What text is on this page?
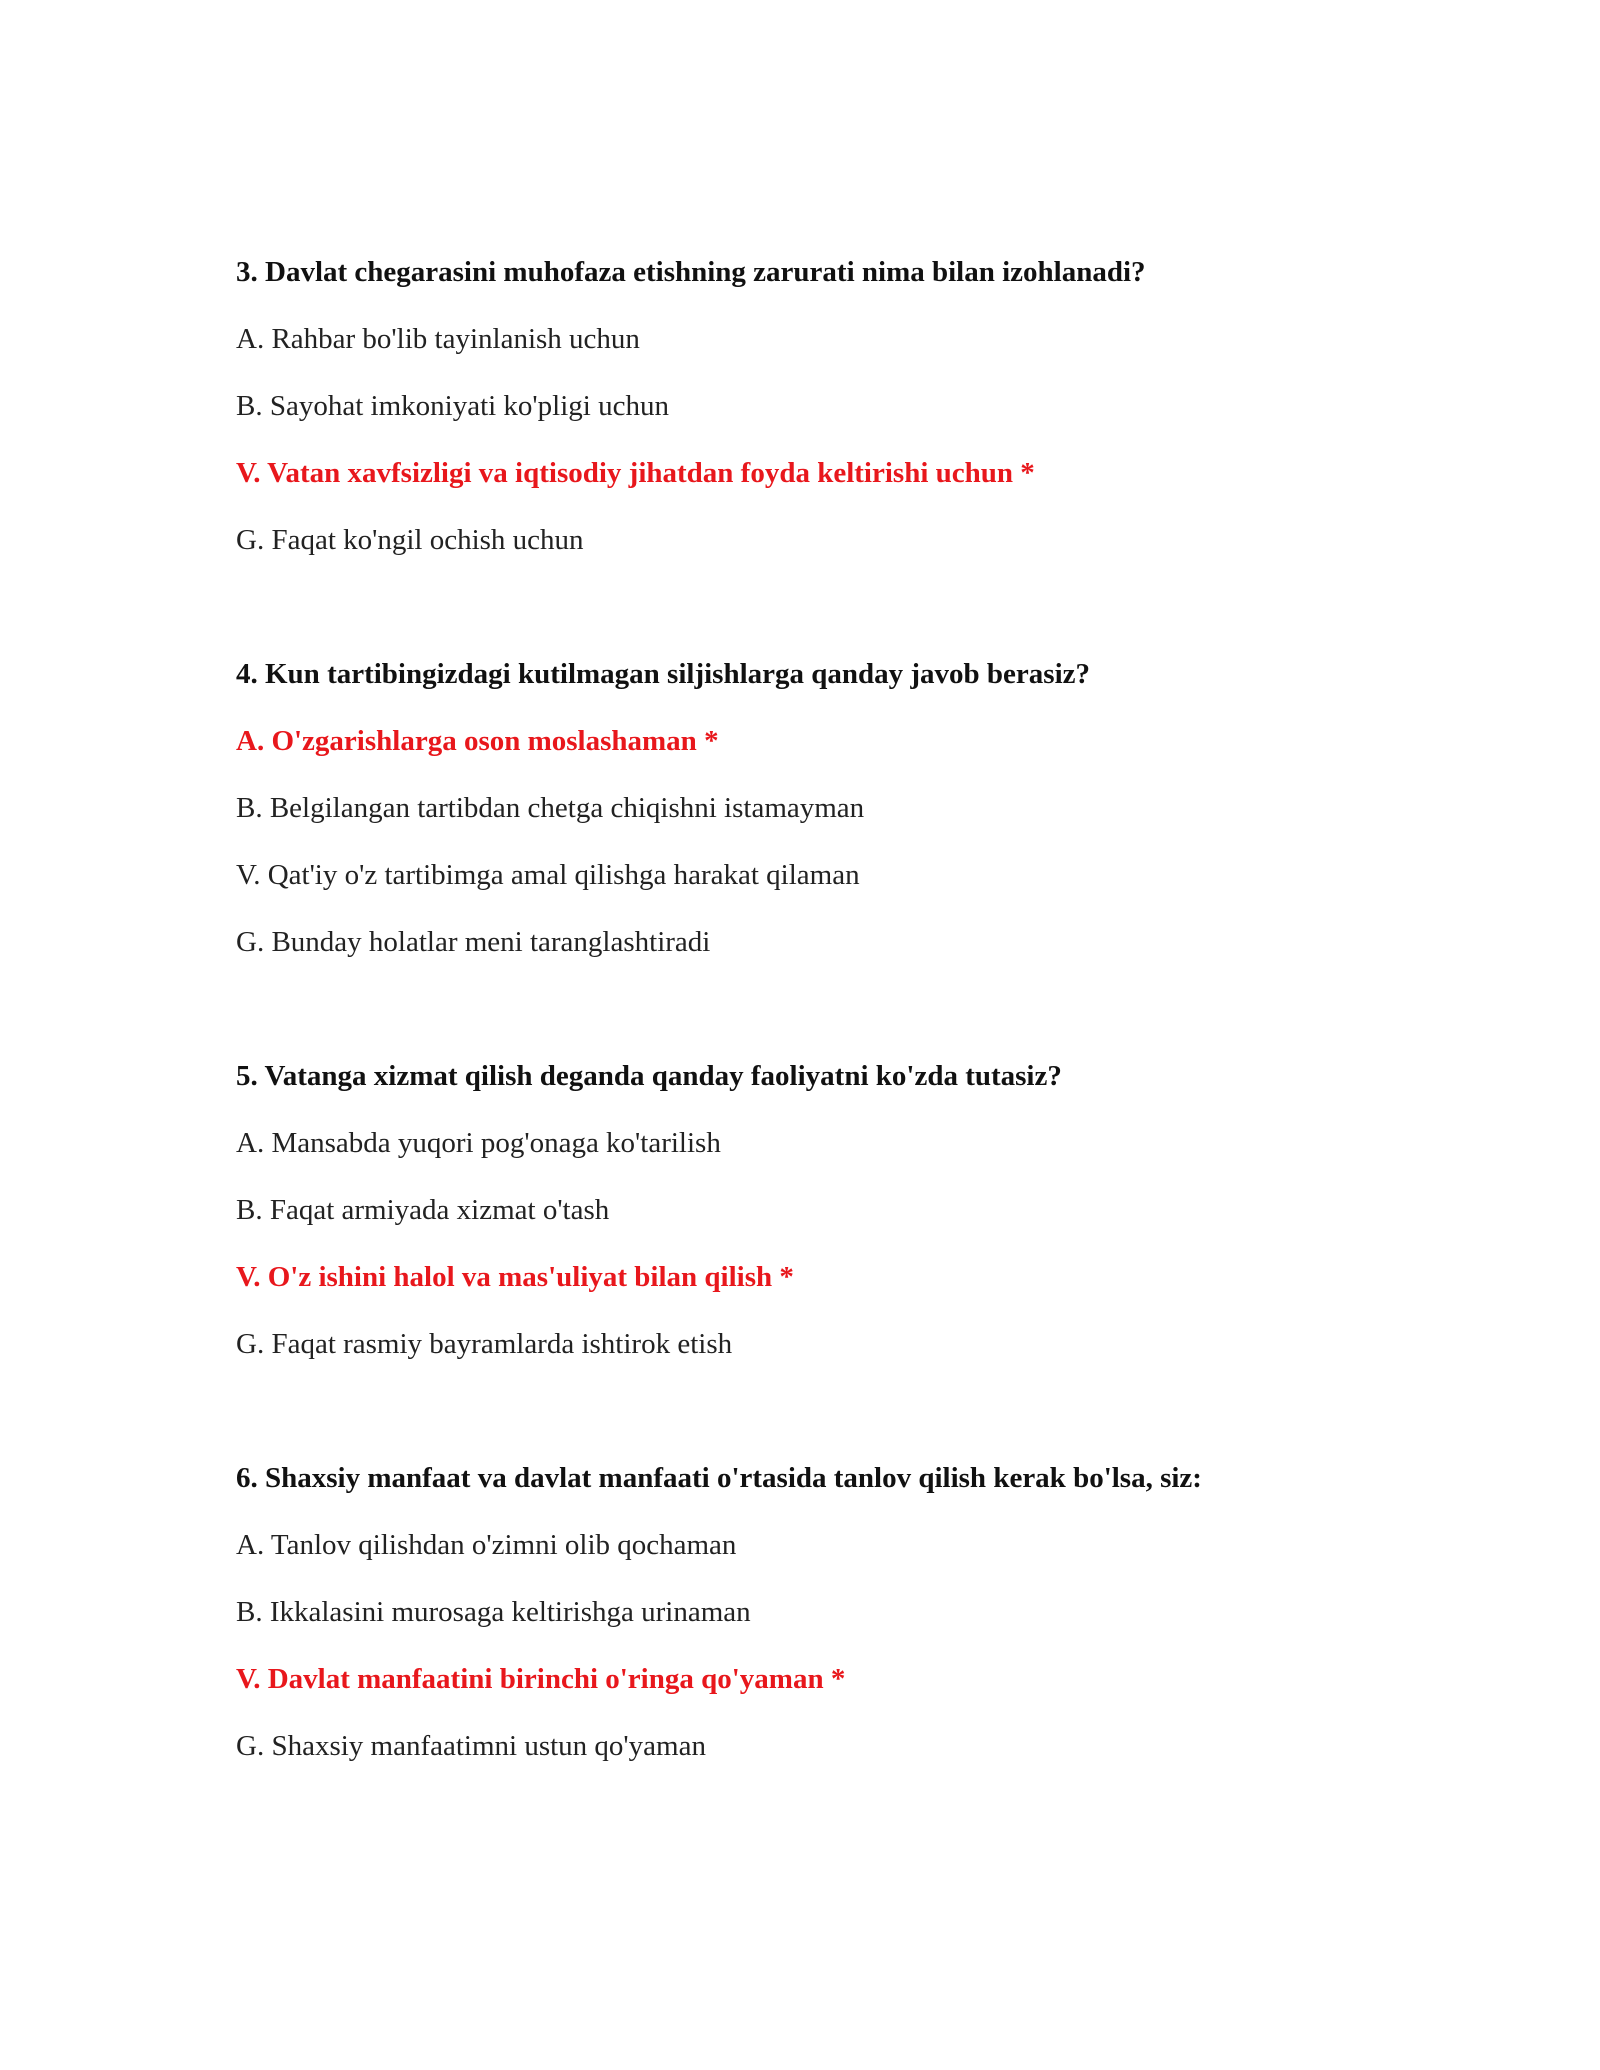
3. Davlat chegarasini muhofaza etishning zarurati nima bilan izohlanadi?
A. Rahbar bo'lib tayinlanish uchun
B. Sayohat imkoniyati ko'pligi uchun
V. Vatan xavfsizligi va iqtisodiy jihatdan foyda keltirishi uchun *
G. Faqat ko'ngil ochish uchun
4. Kun tartibingizdagi kutilmagan siljishlarga qanday javob berasiz?
A. O'zgarishlarga oson moslashaman *
B. Belgilangan tartibdan chetga chiqishni istamayman
V. Qat'iy o'z tartibimga amal qilishga harakat qilaman
G. Bunday holatlar meni taranglashtiradi
5. Vatanga xizmat qilish deganda qanday faoliyatni ko'zda tutasiz?
A. Mansabda yuqori pog'onaga ko'tarilish
B. Faqat armiyada xizmat o'tash
V. O'z ishini halol va mas'uliyat bilan qilish *
G. Faqat rasmiy bayramlarda ishtirok etish
6. Shaxsiy manfaat va davlat manfaati o'rtasida tanlov qilish kerak bo'lsa, siz:
A. Tanlov qilishdan o'zimni olib qochaman
B. Ikkalasini murosaga keltirishga urinaman
V. Davlat manfaatini birinchi o'ringa qo'yaman *
G. Shaxsiy manfaatimni ustun qo'yaman
